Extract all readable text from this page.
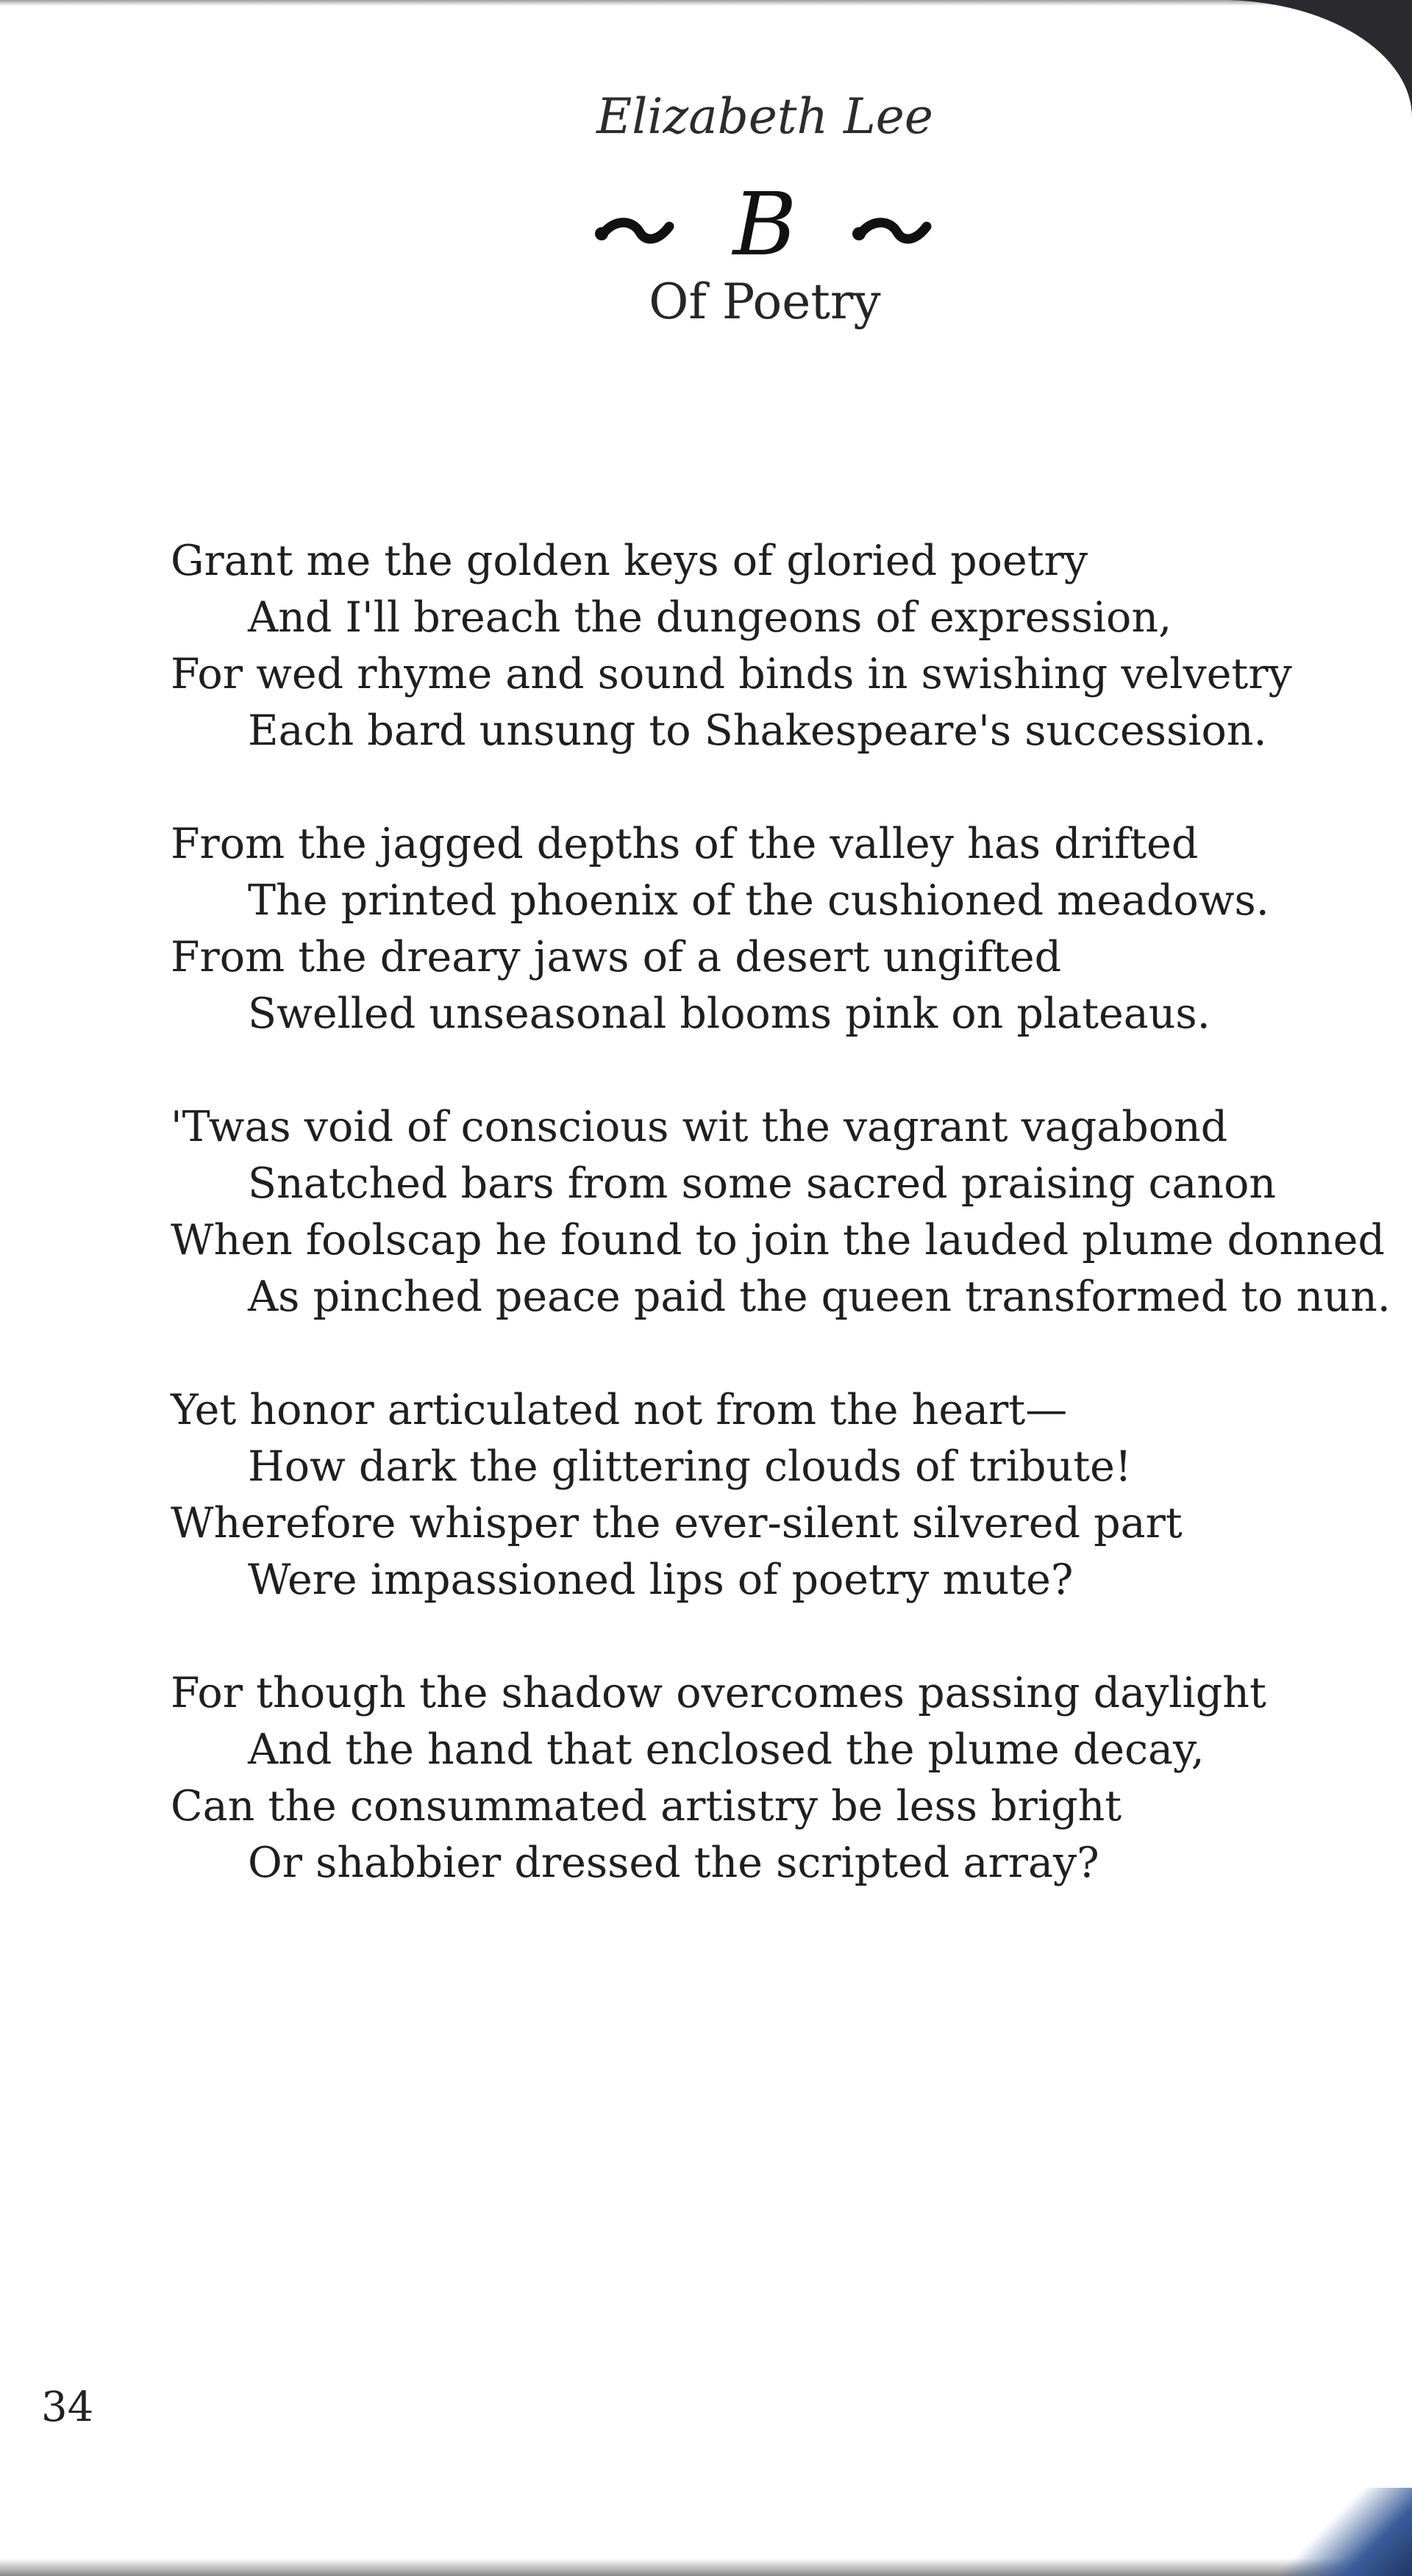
Elizabeth Lee
B
Of Poetry
Grant me the golden keys of gloried poetry
And I'll breach the dungeons of expression,
For wed rhyme and sound binds in swishing velvetry
Each bard unsung to Shakespeare's succession.
From the jagged depths of the valley has drifted
The printed phoenix of the cushioned meadows.
From the dreary jaws of a desert ungifted
Swelled unseasonal blooms pink on plateaus.
'Twas void of conscious wit the vagrant vagabond
Snatched bars from some sacred praising canon
When foolscap he found to join the lauded plume donned
As pinched peace paid the queen transformed to nun.
Yet honor articulated not from the heart—
How dark the glittering clouds of tribute!
Wherefore whisper the ever-silent silvered part
Were impassioned lips of poetry mute?
For though the shadow overcomes passing daylight
And the hand that enclosed the plume decay,
Can the consummated artistry be less bright
Or shabbier dressed the scripted array?
34
